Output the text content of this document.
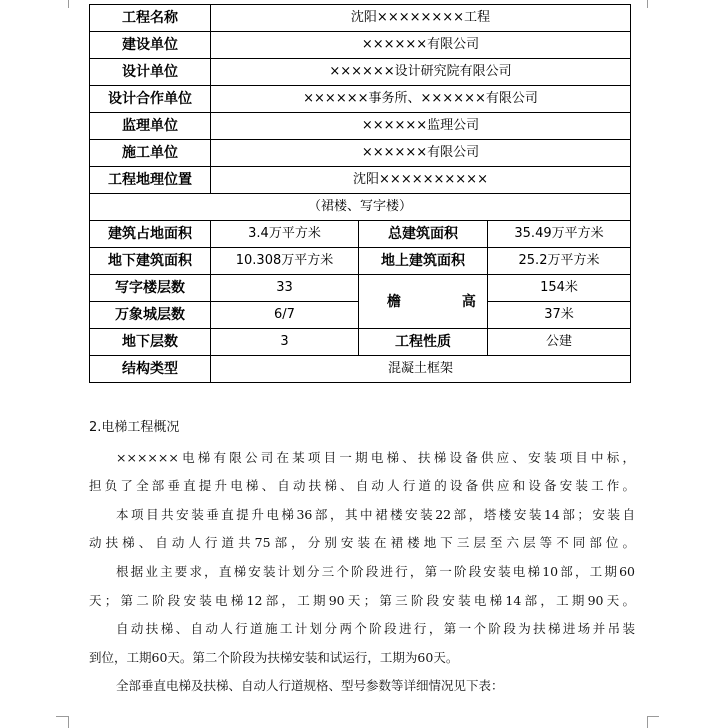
工程名称	沈阳××××××××工程		
建设单位	××××××有限公司		
设计单位	××××××设计研究院有限公司		
设计合作单位	××××××事务所、××××××有限公司		
监理单位	××××××监理公司		
施工单位	××××××有限公司		
工程地理位置	沈阳××××××××××		
（裙楼、写字楼）			
建筑占地面积	3.4万平方米	总建筑面积	35.49万平方米
地下建筑面积	10.308万平方米	地上建筑面积	25.2万平方米
写字楼层数	33	檐 高	154米
万象城层数	6/7		37米
地下层数	3	工程性质	公建
结构类型	混凝土框架		

2.电梯工程概况

××××××电梯有限公司在某项目一期电梯、扶梯设备供应、安装项目中标，

担负了全部垂直提升电梯、自动扶梯、自动人行道的设备供应和设备安装工作。

本项目共安装垂直提升电梯36部，其中裙楼安装22部，塔楼安装14部；安装自

动扶梯、自动人行道共75部，分别安装在裙楼地下三层至六层等不同部位。

根据业主要求，直梯安装计划分三个阶段进行，第一阶段安装电梯10部，工期60

天；第二阶段安装电梯12部，工期90天；第三阶段安装电梯14部，工期90天。

自动扶梯、自动人行道施工计划分两个阶段进行，第一个阶段为扶梯进场并吊装

到位，工期60天。第二个阶段为扶梯安装和试运行，工期为60天。

全部垂直电梯及扶梯、自动人行道规格、型号参数等详细情况见下表：
